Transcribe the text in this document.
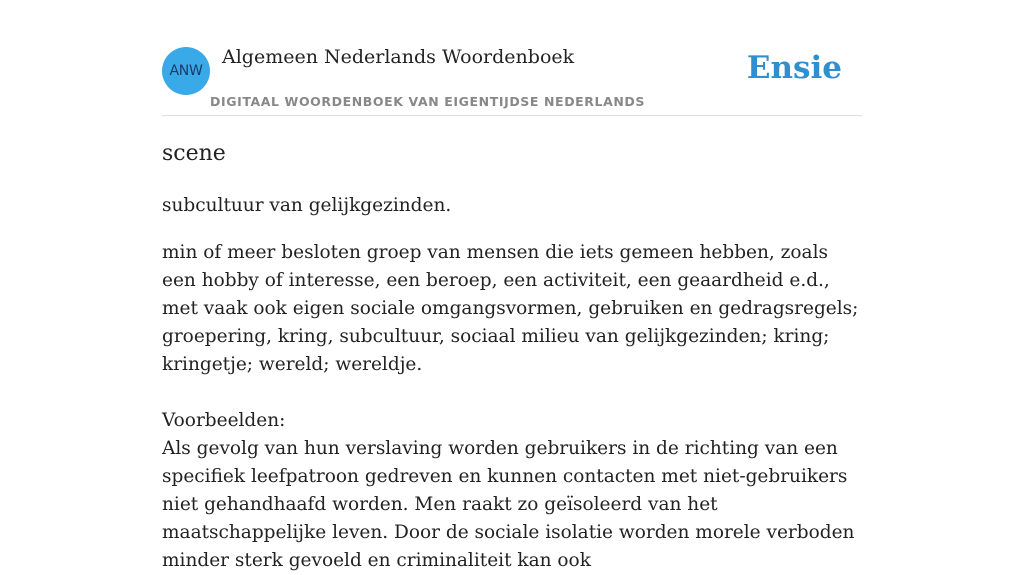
ANW
Algemeen Nederlands Woordenboek
DIGITAAL WOORDENBOEK VAN EIGENTIJDSE NEDERLANDS
Ensie
scene
subcultuur van gelijkgezinden.
min of meer besloten groep van mensen die iets gemeen hebben, zoals een hobby of interesse, een beroep, een activiteit, een geaardheid e.d., met vaak ook eigen sociale omgangsvormen, gebruiken en gedragsregels; groepering, kring, subcultuur, sociaal milieu van gelijkgezinden; kring; kringetje; wereld; wereldje.
Voorbeelden:

Als gevolg van hun verslaving worden gebruikers in de richting van een specifiek leefpatroon gedreven en kunnen contacten met niet-gebruikers niet gehandhaafd worden. Men raakt zo geïsoleerd van het maatschappelijke leven. Door de sociale isolatie worden morele verboden minder sterk gevoeld en criminaliteit kan ook
